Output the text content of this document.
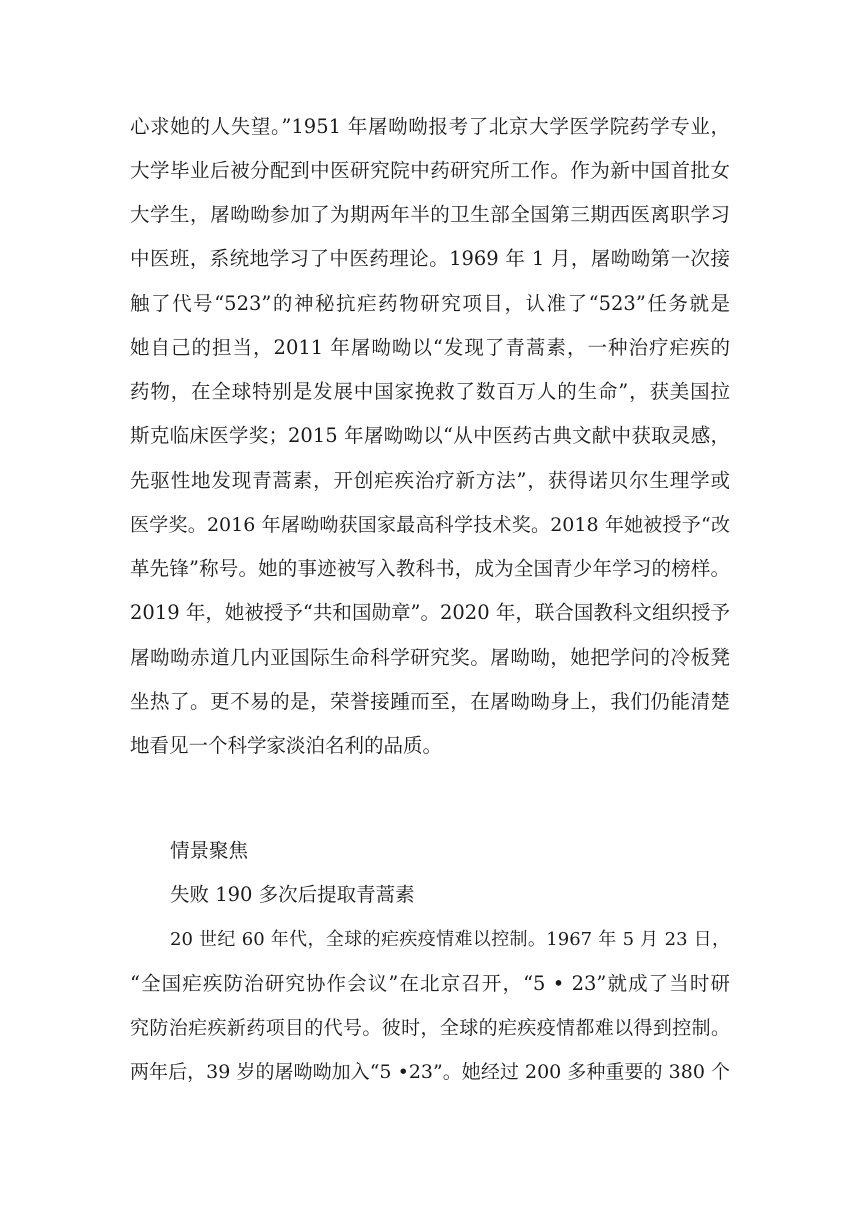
心求她的人失望。”1951 年屠呦呦报考了北京大学医学院药学专业，
大学毕业后被分配到中医研究院中药研究所工作。作为新中国首批女
大学生，屠呦呦参加了为期两年半的卫生部全国第三期西医离职学习
中医班，系统地学习了中医药理论。1969 年 1 月，屠呦呦第一次接
触了代号“523”的神秘抗疟药物研究项目，认准了“523”任务就是
她自己的担当，2011 年屠呦呦以“发现了青蒿素，一种治疗疟疾的
药物，在全球特别是发展中国家挽救了数百万人的生命”，获美国拉
斯克临床医学奖；2015 年屠呦呦以“从中医药古典文献中获取灵感，
先驱性地发现青蒿素，开创疟疾治疗新方法”，获得诺贝尔生理学或
医学奖。2016 年屠呦呦获国家最高科学技术奖。2018 年她被授予“改
革先锋”称号。她的事迹被写入教科书，成为全国青少年学习的榜样。
2019 年，她被授予“共和国勋章”。2020 年，联合国教科文组织授予
屠呦呦赤道几内亚国际生命科学研究奖。屠呦呦，她把学问的冷板凳
坐热了。更不易的是，荣誉接踵而至，在屠呦呦身上，我们仍能清楚
地看见一个科学家淡泊名利的品质。
情景聚焦
失败 190 多次后提取青蒿素
20 世纪 60 年代，全球的疟疾疫情难以控制。1967 年 5 月 23 日，
“全国疟疾防治研究协作会议”在北京召开，“5 • 23”就成了当时研
究防治疟疾新药项目的代号。彼时，全球的疟疾疫情都难以得到控制。
两年后，39 岁的屠呦呦加入“5 •23”。她经过 200 多种重要的 380 个
